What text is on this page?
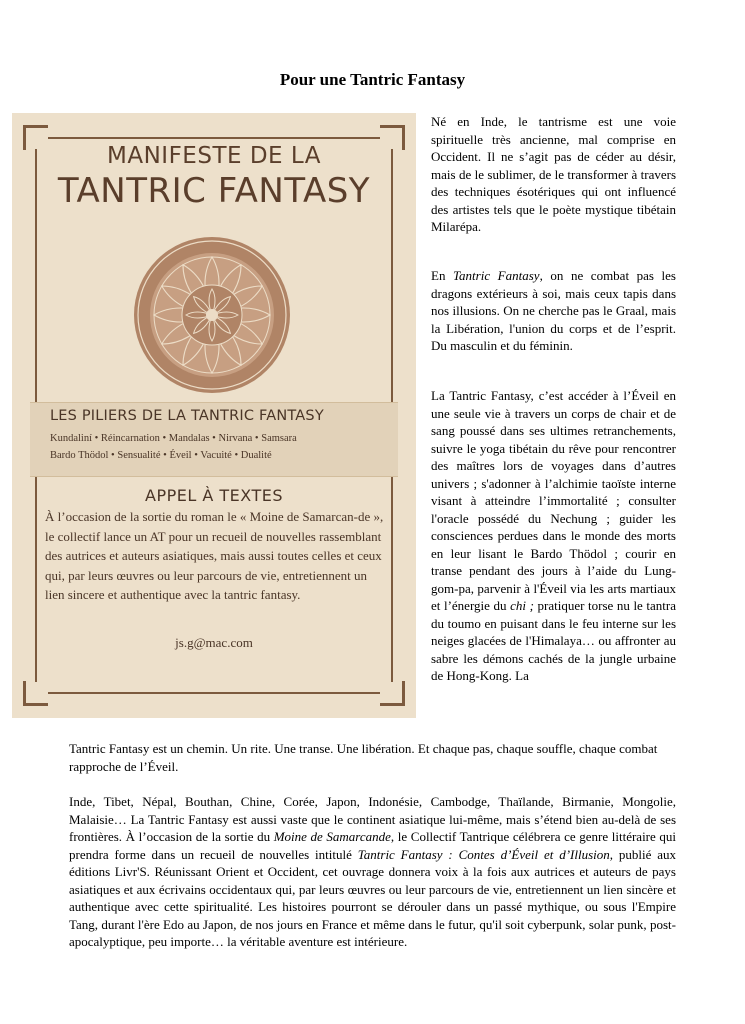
Pour une Tantric Fantasy
MANIFESTE DE LA
TANTRIC FANTASY
LES PILIERS DE LA TANTRIC FANTASY
Kundaliní • Réincarnation • Mandalas • Nirvana • Samsara
Bardo Thödol • Sensualité • Éveil • Vacuité • Dualité
APPEL À TEXTES
À l’occasion de la sortie du roman le « Moine de Samarcan-de », le collectif lance un AT pour un recueil de nouvelles rassemblant des autrices et auteurs asiatiques, mais aussi toutes celles et ceux qui, par leurs œuvres ou leur parcours de vie, entretiennent un lien sincere et authentique avec la tantric fantasy.
js.g@mac.com

Né en Inde, le tantrisme est une voie spirituelle très ancienne, mal comprise en Occident. Il ne s’agit pas de céder au désir, mais de le sublimer, de le transformer à travers des techniques ésotériques qui ont influencé des artistes tels que le poète mystique tibétain Milarépa.

En Tantric Fantasy, on ne combat pas les dragons extérieurs à soi, mais ceux tapis dans nos illusions. On ne cherche pas le Graal, mais la Libération, l'union du corps et de l’esprit. Du masculin et du féminin.

La Tantric Fantasy, c’est accéder à l’Éveil en une seule vie à travers un corps de chair et de sang poussé dans ses ultimes retranchements, suivre le yoga tibétain du rêve pour rencontrer des maîtres lors de voyages dans d’autres univers ; s'adonner à l’alchimie taoïste interne visant à atteindre l’immortalité ; consulter l'oracle possédé du Nechung ; guider les consciences perdues dans le monde des morts en leur lisant le Bardo Thödol ; courir en transe pendant des jours à l’aide du Lung-gom-pa, parvenir à l'Éveil via les arts martiaux et l’énergie du chi ; pratiquer torse nu le tantra du toumo en puisant dans le feu interne sur les neiges glacées de l'Himalaya… ou affronter au sabre les démons cachés de la jungle urbaine de Hong-Kong. La

Tantric Fantasy est un chemin. Un rite. Une transe. Une libération. Et chaque pas, chaque souffle, chaque combat rapproche de l’Éveil.

Inde, Tibet, Népal, Bouthan, Chine, Corée, Japon, Indonésie, Cambodge, Thaïlande, Birmanie, Mongolie, Malaisie… La Tantric Fantasy est aussi vaste que le continent asiatique lui-même, mais s’étend bien au-delà de ses frontières. À l’occasion de la sortie du Moine de Samarcande, le Collectif Tantrique célébrera ce genre littéraire qui prendra forme dans un recueil de nouvelles intitulé Tantric Fantasy : Contes d’Éveil et d’Illusion, publié aux éditions Livr'S. Réunissant Orient et Occident, cet ouvrage donnera voix à la fois aux autrices et auteurs de pays asiatiques et aux écrivains occidentaux qui, par leurs œuvres ou leur parcours de vie, entretiennent un lien sincère et authentique avec cette spiritualité. Les histoires pourront se dérouler dans un passé mythique, ou sous l'Empire Tang, durant l'ère Edo au Japon, de nos jours en France et même dans le futur, qu'il soit cyberpunk, solar punk, post-apocalyptique, peu importe… la véritable aventure est intérieure.
